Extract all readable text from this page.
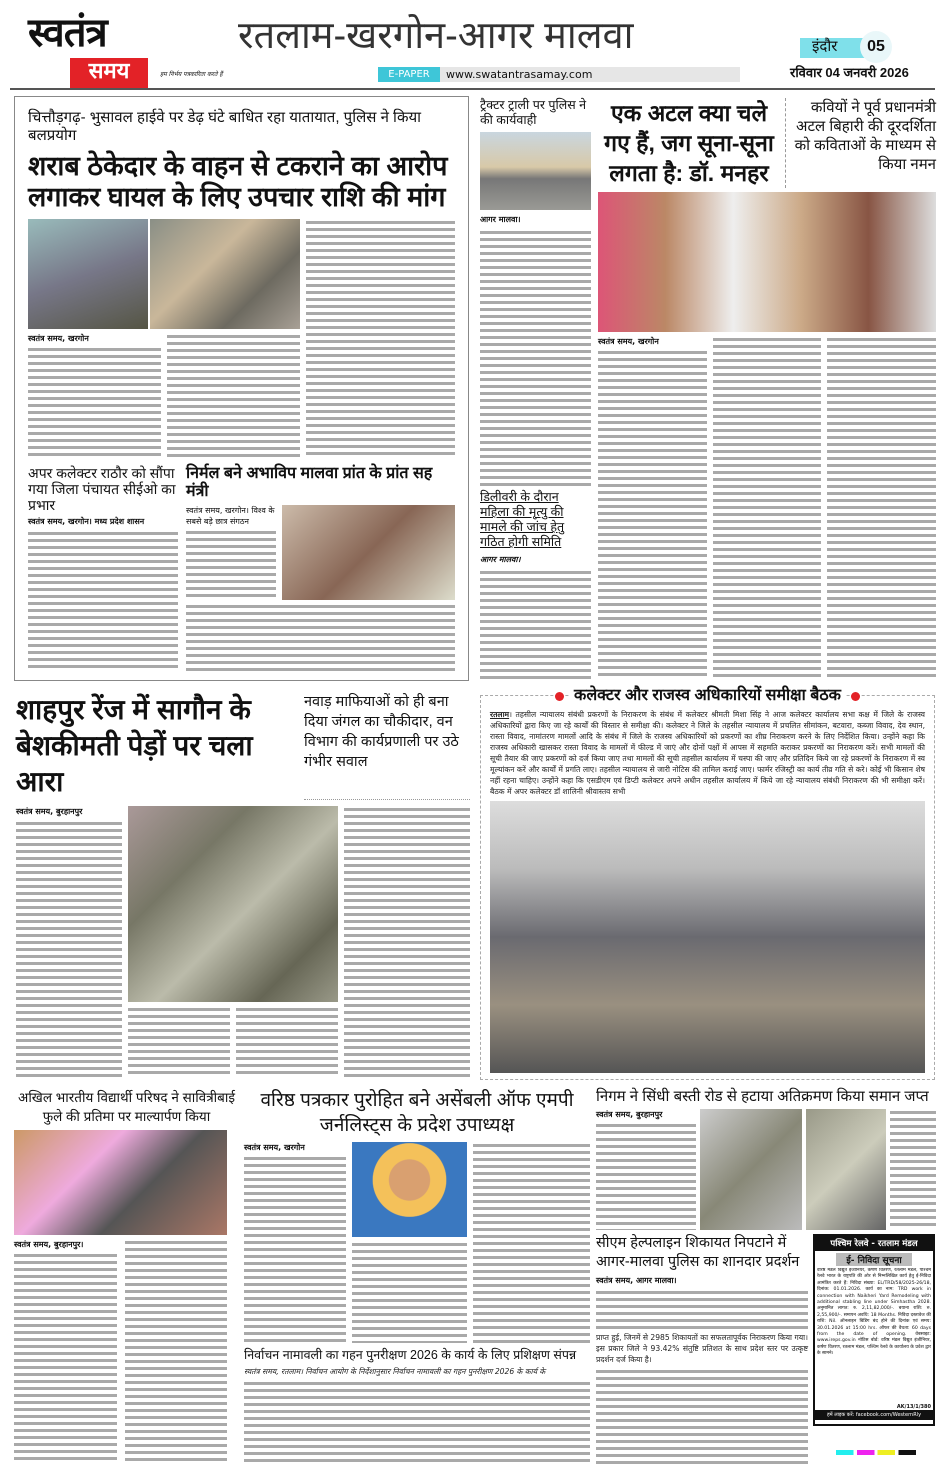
स्वतंत्र
समय	हम निर्भय पत्रकारिता करते हैं
रतलाम-खरगोन-आगर मालवा
E-PAPER	www.swatantrasamay.com
इंदौर	05
रविवार 04 जनवरी 2026
चित्तौड़गढ़- भुसावल हाईवे पर डेढ़ घंटे बाधित रहा यातायात, पुलिस ने किया बलप्रयोग
शराब ठेकेदार के वाहन से टकराने का आरोप
लगाकर घायल के लिए उपचार राशि की मांग
स्वतंत्र समय, खरगोन
अपर कलेक्टर राठौर को सौंपा गया जिला पंचायत सीईओ का प्रभार
स्वतंत्र समय, खरगोन। मध्य प्रदेश शासन
निर्मल बने अभाविप मालवा प्रांत के प्रांत सह मंत्री
स्वतंत्र समय, खरगोन। विश्व के सबसे बड़े छात्र संगठन
ट्रैक्टर ट्राली पर पुलिस ने की कार्यवाही
आगर मालवा।
डिलीवरी के दौरान महिला की मृत्यु की मामले की जांच हेतु गठित होगी समिति
आगर मालवा।
एक अटल क्या चले गए हैं, जग सूना-सूना लगता है: डॉ. मनहर
कवियों ने पूर्व प्रधानमंत्री अटल बिहारी की दूरदर्शिता को कविताओं के माध्यम से किया नमन
स्वतंत्र समय, खरगोन
शाहपुर रेंज में सागौन के
बेशकीमती पेड़ों पर चला आरा
नवाड़ माफियाओं को ही बना दिया जंगल का चौकीदार, वन विभाग की कार्यप्रणाली पर उठे गंभीर सवाल
स्वतंत्र समय, बुरहानपुर
कलेक्टर और राजस्व अधिकारियों समीक्षा बैठक
रतलाम। तहसील न्यायालय संबंधी प्रकरणों के निराकरण के संबंध में कलेक्टर श्रीमती मिशा सिंह ने आज कलेक्टर कार्यालय सभा कक्ष में जिले के राजस्व अधिकारियों द्वारा किए जा रहे कार्यों की विस्तार से समीक्षा की। कलेक्टर ने जिले के तहसील न्यायालय में प्रचलित सीमांकन, बटवारा, कब्जा विवाद, देव स्थान, रास्ता विवाद, नामांतरण मामलों आदि के संबंध में जिले के राजस्व अधिकारियों को प्रकरणों का शीघ्र निराकरण करने के लिए निर्देशित किया। उन्होंने कहा कि राजस्व अधिकारी खासकर रास्ता विवाद के मामलों में फील्ड में जाएं और दोनों पक्षों में आपस में सहमति कराकर प्रकरणों का निराकरण करें। सभी मामलों की सूची तैयार की जाए प्रकरणों को दर्ज किया जाए तथा मामलों की सूची तहसील कार्यालय में चस्पा की जाए और प्रतिदिन किये जा रहे प्रकरणों के निराकरण में स्व मूल्यांकन करें और कार्यों में प्रगति लाए। तहसील न्यायालय से जारी नोटिस की तामिल कराई जाए। फार्मर रजिस्ट्री का कार्य तीव्र गति से करे। कोई भी किसान शेष नहीं रहना चाहिए। उन्होंने कहा कि एसडीएम एवं डिप्टी कलेक्टर अपने अधीन तहसील कार्यालय में किये जा रहे न्यायालय संबंधी निराकरण की भी समीक्षा करें। बैठक में अपर कलेक्टर डॉ शालिनी श्रीवास्तव सभी
अखिल भारतीय विद्यार्थी परिषद ने सावित्रीबाई फुले की प्रतिमा पर माल्यार्पण किया
स्वतंत्र समय, बुरहानपुर।
वरिष्ठ पत्रकार पुरोहित बने असेंबली ऑफ एमपी जर्नलिस्ट्स के प्रदेश उपाध्यक्ष
स्वतंत्र समय, खरगोन
निर्वाचन नामावली का गहन पुनरीक्षण 2026 के कार्य के लिए प्रशिक्षण संपन्न
स्वतंत्र समय, रतलाम। निर्वाचन आयोग के निर्देशानुसार निर्वाचन नामावली का गहन पुनरीक्षण 2026 के कार्य के
निगम ने सिंधी बस्ती रोड से हटाया अतिक्रमण किया समान जप्त
स्वतंत्र समय, बुरहानपुर
सीएम हेल्पलाइन शिकायत निपटाने में आगर-मालवा पुलिस का शानदार प्रदर्शन
स्वतंत्र समय, आगर मालवा।
प्राप्त हुई, जिनमें से 2985 शिकायतों का सफलतापूर्वक निराकरण किया गया। इस प्रकार जिले ने 93.42% संतुष्टि प्रतिशत के साथ प्रदेश स्तर पर उत्कृष्ट प्रदर्शन दर्ज किया है।
पश्चिम रेलवे - रतलाम मंडल
ई- निविदा सूचना
वरिष्ठ मंडल विद्युत इंजीनियर, कर्षण वितरण, रतलाम मंडल, पश्चिम रेलवे भारत के राष्ट्रपति की ओर से निम्नलिखित कार्य हेतु ई-निविदा आमंत्रित करते हैं: निविदा संख्या: EL/TRD/58/2025-26/18, दिनांक: 01.01.2026. कार्य का नाम: TRD work in connection with Naikheri Yard Remodeling with additional stabling line under Simhastha 2028. अनुमानित लागत: रु. 2,11,82,000/-. बयाना राशि: रु. 2,55,900/-. समापन अवधि: 18 Months. निविदा दस्तावेज की राशि: Nil. ऑनलाइन बिडिंग बंद होने की दिनांक एवं समय: 30.01.2026 at 15:00 hrs. ऑफर की वैधता: 60 days from the date of opening. वेबसाइट: www.ireps.gov.in नोटिस बोर्ड: वरिष्ठ मंडल विद्युत इंजीनियर, कर्षण वितरण, रतलाम मंडल, पश्चिम रेलवे के कार्यालय के प्रवेश द्वार के सामने।
AK/13/1/380
हमें लाइक करें: facebook.com/WesternRly
